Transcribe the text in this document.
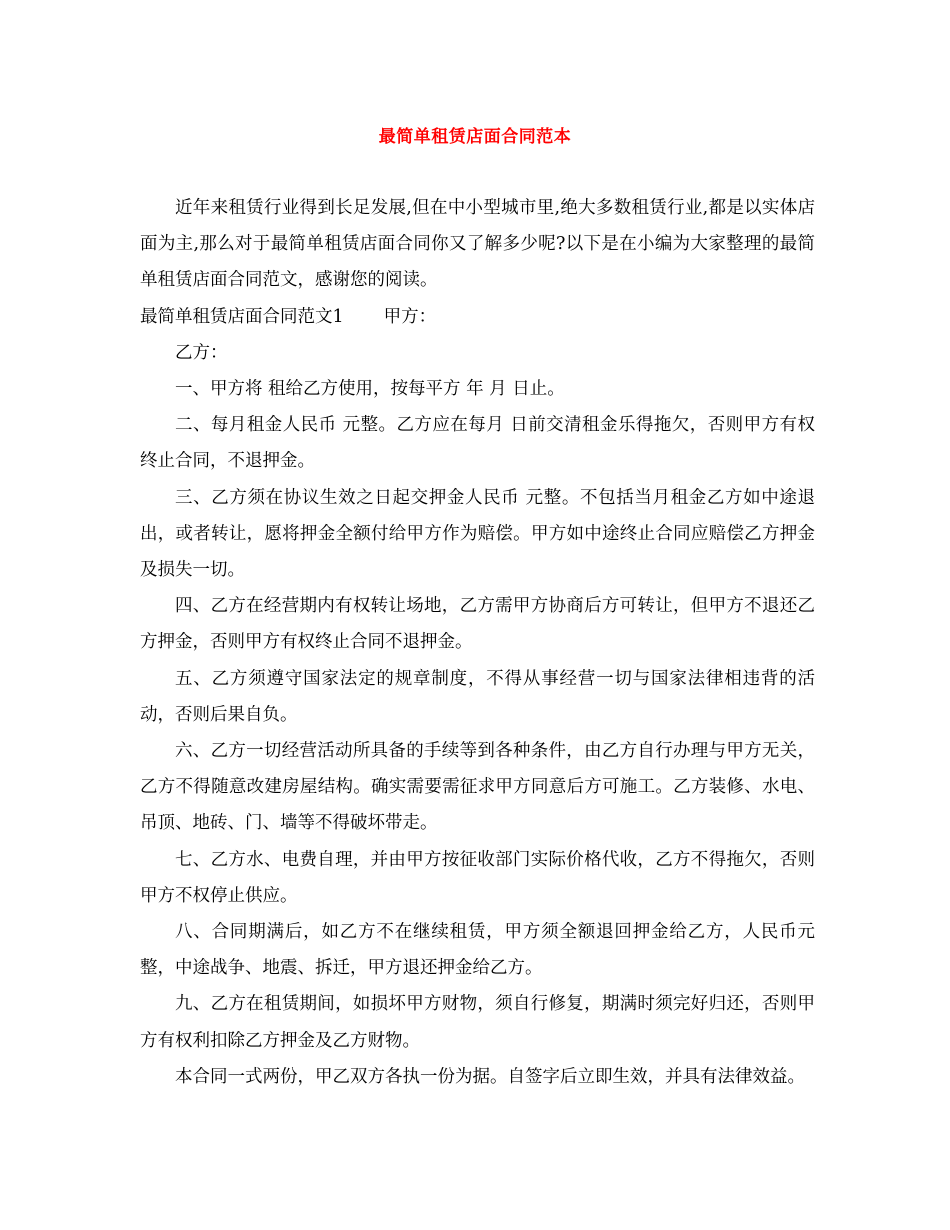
最简单租赁店面合同范本

近年来租赁行业得到长足发展,但在中小型城市里,绝大多数租赁行业,都是以实体店面为主,那么对于最简单租赁店面合同你又了解多少呢?以下是在小编为大家整理的最简单租赁店面合同范文，感谢您的阅读。

最简单租赁店面合同范文1 甲方：

乙方：

一、甲方将 租给乙方使用，按每平方 年 月 日止。

二、每月租金人民币 元整。乙方应在每月 日前交清租金乐得拖欠，否则甲方有权终止合同，不退押金。

三、乙方须在协议生效之日起交押金人民币 元整。不包括当月租金乙方如中途退出，或者转让，愿将押金全额付给甲方作为赔偿。甲方如中途终止合同应赔偿乙方押金及损失一切。

四、乙方在经营期内有权转让场地，乙方需甲方协商后方可转让，但甲方不退还乙方押金，否则甲方有权终止合同不退押金。

五、乙方须遵守国家法定的规章制度，不得从事经营一切与国家法律相违背的活动，否则后果自负。

六、乙方一切经营活动所具备的手续等到各种条件，由乙方自行办理与甲方无关，乙方不得随意改建房屋结构。确实需要需征求甲方同意后方可施工。乙方装修、水电、吊顶、地砖、门、墙等不得破坏带走。

七、乙方水、电费自理，并由甲方按征收部门实际价格代收，乙方不得拖欠，否则甲方不权停止供应。

八、合同期满后，如乙方不在继续租赁，甲方须全额退回押金给乙方，人民币元整，中途战争、地震、拆迁，甲方退还押金给乙方。

九、乙方在租赁期间，如损坏甲方财物，须自行修复，期满时须完好归还，否则甲方有权利扣除乙方押金及乙方财物。

本合同一式两份，甲乙双方各执一份为据。自签字后立即生效，并具有法律效益。
